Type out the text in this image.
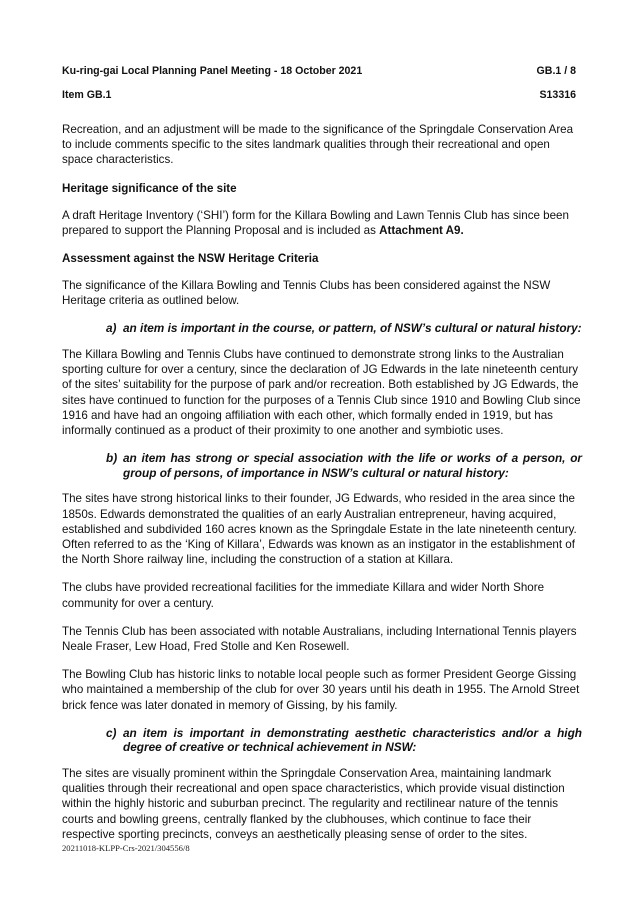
Ku-ring-gai Local Planning Panel Meeting - 18 October 2021	GB.1 / 8
Item GB.1	S13316

Recreation, and an adjustment will be made to the significance of the Springdale Conservation Area to include comments specific to the sites landmark qualities through their recreational and open space characteristics.

Heritage significance of the site

A draft Heritage Inventory (‘SHI’) form for the Killara Bowling and Lawn Tennis Club has since been prepared to support the Planning Proposal and is included as Attachment A9.

Assessment against the NSW Heritage Criteria

The significance of the Killara Bowling and Tennis Clubs has been considered against the NSW Heritage criteria as outlined below.

a) an item is important in the course, or pattern, of NSW’s cultural or natural history:

The Killara Bowling and Tennis Clubs have continued to demonstrate strong links to the Australian sporting culture for over a century, since the declaration of JG Edwards in the late nineteenth century of the sites’ suitability for the purpose of park and/or recreation. Both established by JG Edwards, the sites have continued to function for the purposes of a Tennis Club since 1910 and Bowling Club since 1916 and have had an ongoing affiliation with each other, which formally ended in 1919, but has informally continued as a product of their proximity to one another and symbiotic uses.

b) an item has strong or special association with the life or works of a person, or group of persons, of importance in NSW’s cultural or natural history:

The sites have strong historical links to their founder, JG Edwards, who resided in the area since the 1850s. Edwards demonstrated the qualities of an early Australian entrepreneur, having acquired, established and subdivided 160 acres known as the Springdale Estate in the late nineteenth century. Often referred to as the ‘King of Killara’, Edwards was known as an instigator in the establishment of the North Shore railway line, including the construction of a station at Killara.

The clubs have provided recreational facilities for the immediate Killara and wider North Shore community for over a century.

The Tennis Club has been associated with notable Australians, including International Tennis players Neale Fraser, Lew Hoad, Fred Stolle and Ken Rosewell.

The Bowling Club has historic links to notable local people such as former President George Gissing who maintained a membership of the club for over 30 years until his death in 1955. The Arnold Street brick fence was later donated in memory of Gissing, by his family.

c) an item is important in demonstrating aesthetic characteristics and/or a high degree of creative or technical achievement in NSW:

The sites are visually prominent within the Springdale Conservation Area, maintaining landmark qualities through their recreational and open space characteristics, which provide visual distinction within the highly historic and suburban precinct. The regularity and rectilinear nature of the tennis courts and bowling greens, centrally flanked by the clubhouses, which continue to face their respective sporting precincts, conveys an aesthetically pleasing sense of order to the sites.

20211018-KLPP-Crs-2021/304556/8
